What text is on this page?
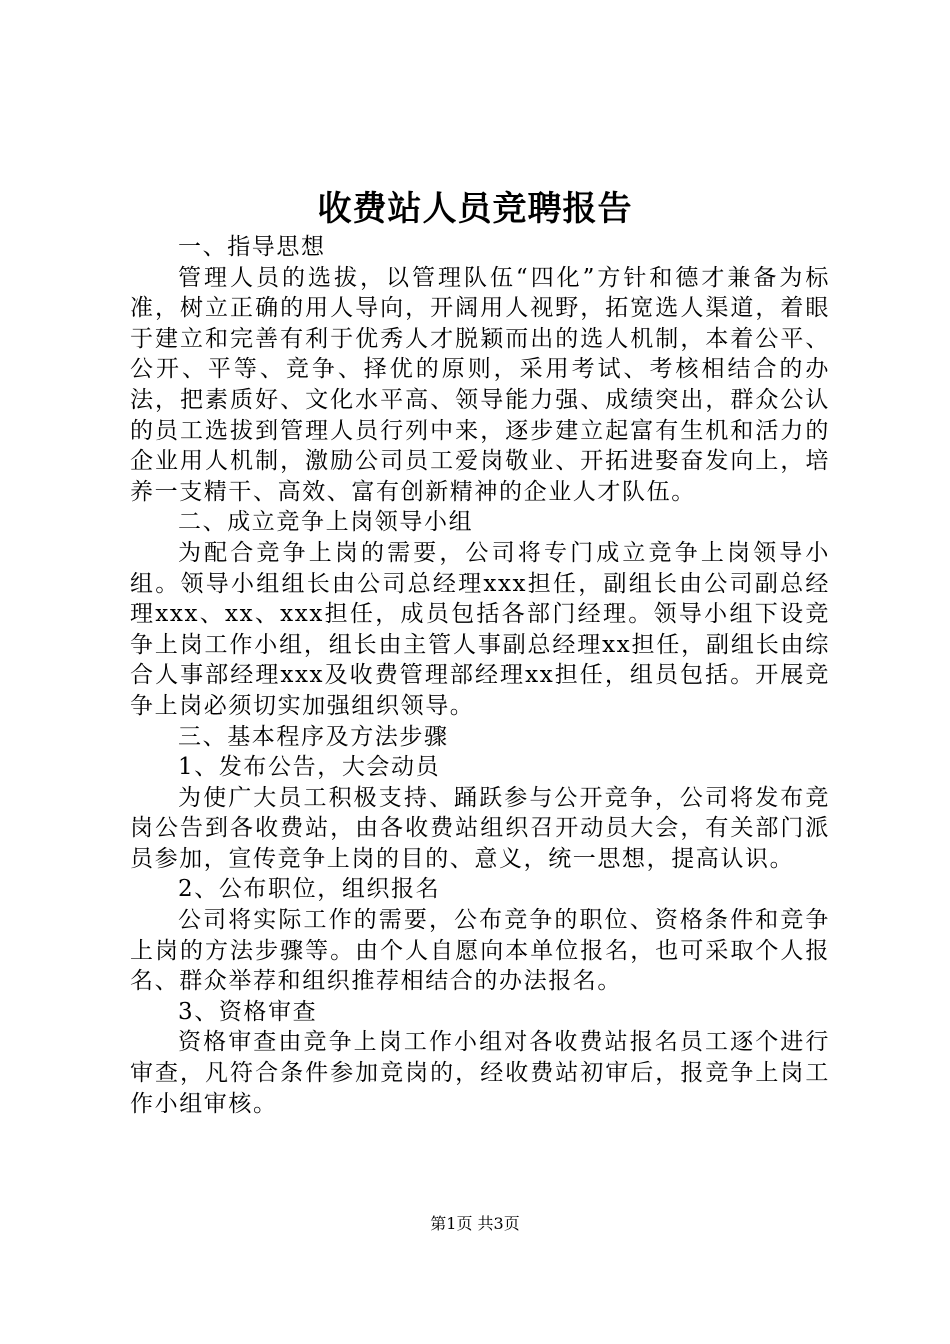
收费站人员竞聘报告

一、指导思想

管理人员的选拔，以管理队伍“四化”方针和德才兼备为标准，树立正确的用人导向，开阔用人视野，拓宽选人渠道，着眼于建立和完善有利于优秀人才脱颖而出的选人机制，本着公平、公开、平等、竞争、择优的原则，采用考试、考核相结合的办法，把素质好、文化水平高、领导能力强、成绩突出，群众公认的员工选拔到管理人员行列中来，逐步建立起富有生机和活力的企业用人机制，激励公司员工爱岗敬业、开拓进娶奋发向上，培养一支精干、高效、富有创新精神的企业人才队伍。

二、成立竞争上岗领导小组

为配合竞争上岗的需要，公司将专门成立竞争上岗领导小组。领导小组组长由公司总经理xxx担任，副组长由公司副总经理xxx、xx、xxx担任，成员包括各部门经理。领导小组下设竞争上岗工作小组，组长由主管人事副总经理xx担任，副组长由综合人事部经理xxx及收费管理部经理xx担任，组员包括。开展竞争上岗必须切实加强组织领导。

三、基本程序及方法步骤

1、发布公告，大会动员

为使广大员工积极支持、踊跃参与公开竞争，公司将发布竞岗公告到各收费站，由各收费站组织召开动员大会，有关部门派员参加，宣传竞争上岗的目的、意义，统一思想，提高认识。

2、公布职位，组织报名

公司将实际工作的需要，公布竞争的职位、资格条件和竞争上岗的方法步骤等。由个人自愿向本单位报名，也可采取个人报名、群众举荐和组织推荐相结合的办法报名。

3、资格审查

资格审查由竞争上岗工作小组对各收费站报名员工逐个进行审查，凡符合条件参加竞岗的，经收费站初审后，报竞争上岗工作小组审核。

第1页 共3页
